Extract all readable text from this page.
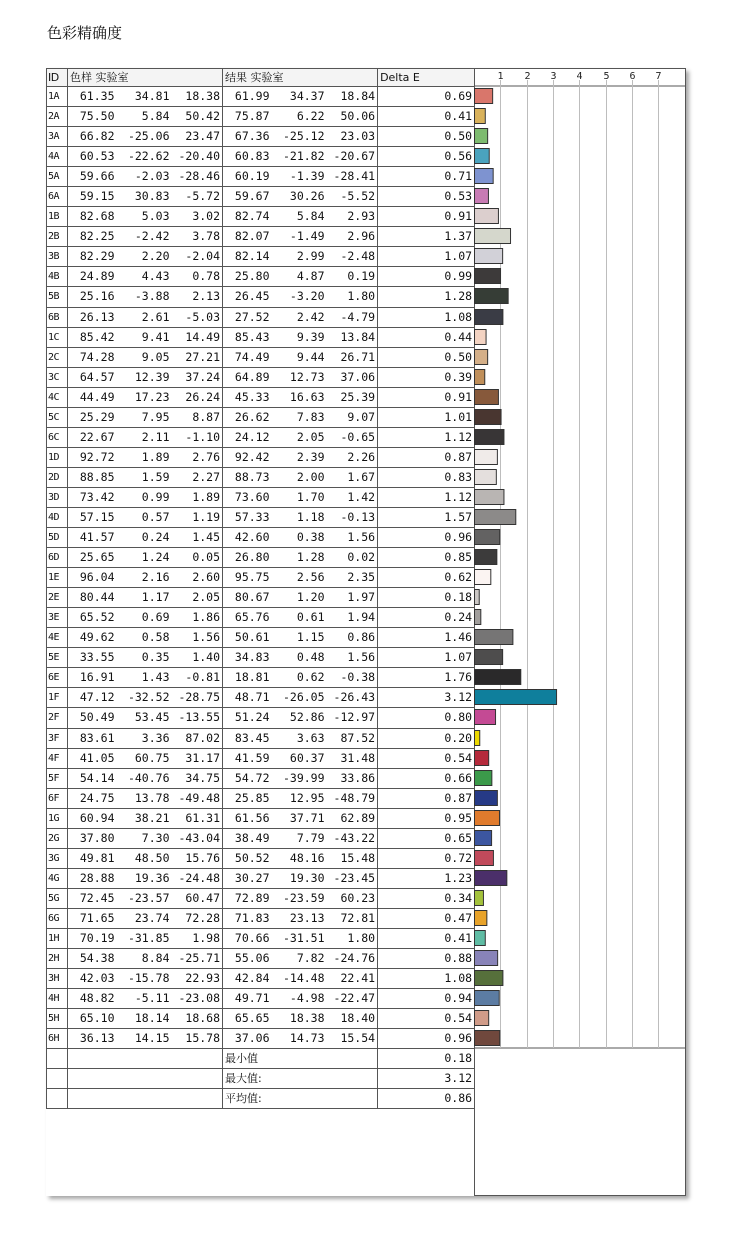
色彩精确度
ID	色样 实验室			结果 实验室			Delta E
1A	61.35	34.81	18.38	61.99	34.37	18.84	0.69
2A	75.50	5.84	50.42	75.87	6.22	50.06	0.41
3A	66.82	-25.06	23.47	67.36	-25.12	23.03	0.50
4A	60.53	-22.62	-20.40	60.83	-21.82	-20.67	0.56
5A	59.66	-2.03	-28.46	60.19	-1.39	-28.41	0.71
6A	59.15	30.83	-5.72	59.67	30.26	-5.52	0.53
1B	82.68	5.03	3.02	82.74	5.84	2.93	0.91
2B	82.25	-2.42	3.78	82.07	-1.49	2.96	1.37
3B	82.29	2.20	-2.04	82.14	2.99	-2.48	1.07
4B	24.89	4.43	0.78	25.80	4.87	0.19	0.99
5B	25.16	-3.88	2.13	26.45	-3.20	1.80	1.28
6B	26.13	2.61	-5.03	27.52	2.42	-4.79	1.08
1C	85.42	9.41	14.49	85.43	9.39	13.84	0.44
2C	74.28	9.05	27.21	74.49	9.44	26.71	0.50
3C	64.57	12.39	37.24	64.89	12.73	37.06	0.39
4C	44.49	17.23	26.24	45.33	16.63	25.39	0.91
5C	25.29	7.95	8.87	26.62	7.83	9.07	1.01
6C	22.67	2.11	-1.10	24.12	2.05	-0.65	1.12
1D	92.72	1.89	2.76	92.42	2.39	2.26	0.87
2D	88.85	1.59	2.27	88.73	2.00	1.67	0.83
3D	73.42	0.99	1.89	73.60	1.70	1.42	1.12
4D	57.15	0.57	1.19	57.33	1.18	-0.13	1.57
5D	41.57	0.24	1.45	42.60	0.38	1.56	0.96
6D	25.65	1.24	0.05	26.80	1.28	0.02	0.85
1E	96.04	2.16	2.60	95.75	2.56	2.35	0.62
2E	80.44	1.17	2.05	80.67	1.20	1.97	0.18
3E	65.52	0.69	1.86	65.76	0.61	1.94	0.24
4E	49.62	0.58	1.56	50.61	1.15	0.86	1.46
5E	33.55	0.35	1.40	34.83	0.48	1.56	1.07
6E	16.91	1.43	-0.81	18.81	0.62	-0.38	1.76
1F	47.12	-32.52	-28.75	48.71	-26.05	-26.43	3.12
2F	50.49	53.45	-13.55	51.24	52.86	-12.97	0.80
3F	83.61	3.36	87.02	83.45	3.63	87.52	0.20
4F	41.05	60.75	31.17	41.59	60.37	31.48	0.54
5F	54.14	-40.76	34.75	54.72	-39.99	33.86	0.66
6F	24.75	13.78	-49.48	25.85	12.95	-48.79	0.87
1G	60.94	38.21	61.31	61.56	37.71	62.89	0.95
2G	37.80	7.30	-43.04	38.49	7.79	-43.22	0.65
3G	49.81	48.50	15.76	50.52	48.16	15.48	0.72
4G	28.88	19.36	-24.48	30.27	19.30	-23.45	1.23
5G	72.45	-23.57	60.47	72.89	-23.59	60.23	0.34
6G	71.65	23.74	72.28	71.83	23.13	72.81	0.47
1H	70.19	-31.85	1.98	70.66	-31.51	1.80	0.41
2H	54.38	8.84	-25.71	55.06	7.82	-24.76	0.88
3H	42.03	-15.78	22.93	42.84	-14.48	22.41	1.08
4H	48.82	-5.11	-23.08	49.71	-4.98	-22.47	0.94
5H	65.10	18.14	18.68	65.65	18.38	18.40	0.54
6H	36.13	14.15	15.78	37.06	14.73	15.54	0.96
				最小值			0.18
				最大值:			3.12
				平均值:			0.86
1 2 3 4 5 6 7
